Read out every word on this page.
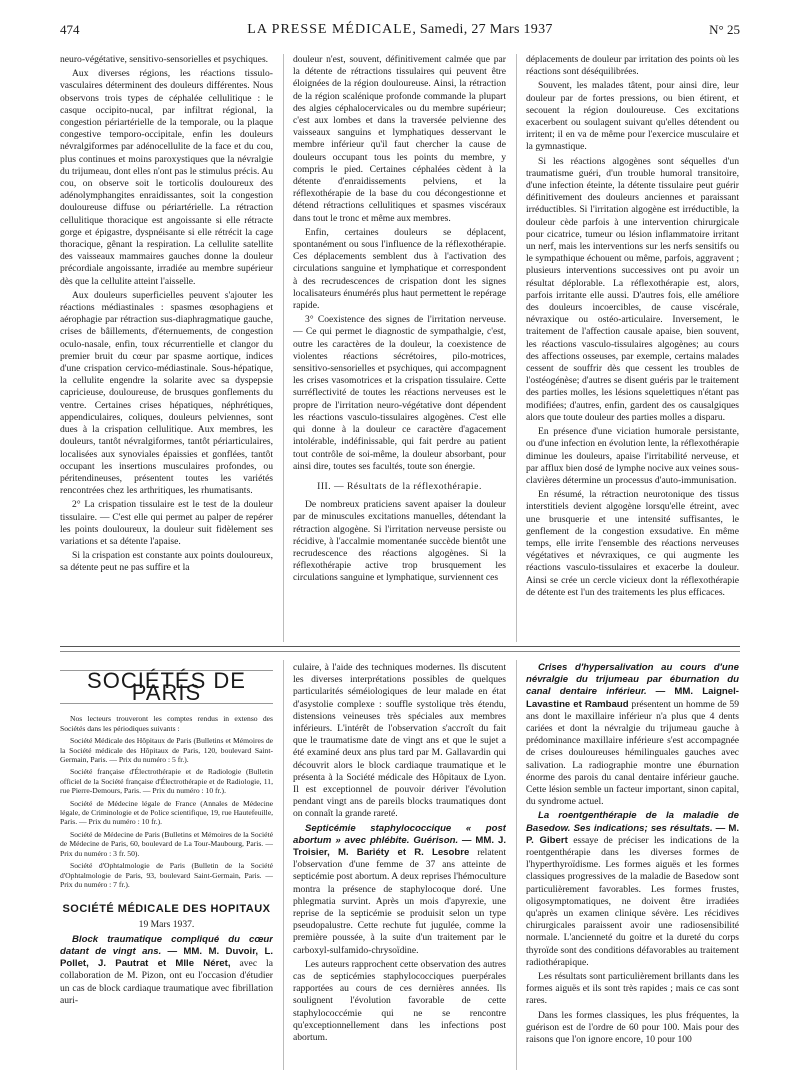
474	LA PRESSE MÉDICALE, Samedi, 27 Mars 1937	N° 25

neuro-végétative, sensitivo-sensorielles et psychiques.

Aux diverses régions, les réactions tissulo-vasculaires déterminent des douleurs différentes. Nous observons trois types de céphalée cellulitique : le casque occipito-nucal, par infiltrat régional, la congestion périartérielle de la temporale, ou la plaque congestive temporo-occipitale, enfin les douleurs névralgiformes par adénocellulite de la face et du cou, plus continues et moins paroxystiques que la névralgie du trijumeau, dont elles n'ont pas le stimulus précis. Au cou, on observe soit le torticolis douloureux des adénolymphangites enraidissantes, soit la congestion douloureuse diffuse ou périartérielle. La rétraction cellulitique thoracique est angoissante si elle rétracte gorge et épigastre, dyspnéisante si elle rétrécit la cage thoracique, gênant la respiration. La cellulite satellite des vaisseaux mammaires gauches donne la douleur précordiale angoissante, irradiée au membre supérieur dès que la cellulite atteint l'aisselle.

Aux douleurs superficielles peuvent s'ajouter les réactions médiastinales : spasmes œsophagiens et aérophagie par rétraction sus-diaphragmatique gauche, crises de bâillements, d'éternuements, de congestion oculo-nasale, enfin, toux récurrentielle et clangor du premier bruit du cœur par spasme aortique, indices d'une crispation cervico-médiastinale. Sous-hépatique, la cellulite engendre la solarite avec sa dyspepsie capricieuse, douloureuse, de brusques gonflements du ventre. Certaines crises hépatiques, néphrétiques, appendiculaires, coliques, douleurs pelviennes, sont dues à la crispation cellulitique. Aux membres, les douleurs, tantôt névralgiformes, tantôt périarticulaires, localisées aux synoviales épaissies et gonflées, tantôt occupant les insertions musculaires profondes, ou péritendineuses, présentent toutes les variétés rencontrées chez les arthritiques, les rhumatisants.

2° La crispation tissulaire est le test de la douleur tissulaire. — C'est elle qui permet au palper de repérer les points douloureux, la douleur suit fidèlement ses variations et sa détente l'apaise.

Si la crispation est constante aux points douloureux, sa détente peut ne pas suffire et la

douleur n'est, souvent, définitivement calmée que par la détente de rétractions tissulaires qui peuvent être éloignées de la région douloureuse. Ainsi, la rétraction de la région scalénique profonde commande la plupart des algies céphalocervicales ou du membre supérieur; c'est aux lombes et dans la traversée pelvienne des vaisseaux sanguins et lymphatiques desservant le membre inférieur qu'il faut chercher la cause de douleurs occupant tous les points du membre, y compris le pied. Certaines céphalées cèdent à la détente d'enraidissements pelviens, et la réflexothérapie de la base du cou décongestionne et détend rétractions cellulitiques et spasmes viscéraux dans tout le tronc et même aux membres.

Enfin, certaines douleurs se déplacent, spontanément ou sous l'influence de la réflexothérapie. Ces déplacements semblent dus à l'activation des circulations sanguine et lymphatique et correspondent à des recrudescences de crispation dont les signes localisateurs énumérés plus haut permettent le repérage rapide.

3° Coexistence des signes de l'irritation nerveuse. — Ce qui permet le diagnostic de sympathalgie, c'est, outre les caractères de la douleur, la coexistence de violentes réactions sécrétoires, pilo-motrices, sensitivo-sensorielles et psychiques, qui accompagnent les crises vasomotrices et la crispation tissulaire. Cette surréflectivité de toutes les réactions nerveuses est le propre de l'irritation neuro-végétative dont dépendent les réactions vasculo-tissulaires algogènes. C'est elle qui donne à la douleur ce caractère d'agacement intolérable, indéfinissable, qui fait perdre au patient tout contrôle de soi-même, la douleur absorbant, pour ainsi dire, toutes ses facultés, toute son énergie.

III. — Résultats de la réflexothérapie.

De nombreux praticiens savent apaiser la douleur par de minuscules excitations manuelles, détendant la rétraction algogène. Si l'irritation nerveuse persiste ou récidive, à l'accalmie momentanée succède bientôt une recrudescence des réactions algogènes. Si la réflexothérapie active trop brusquement les circulations sanguine et lymphatique, surviennent ces

déplacements de douleur par irritation des points où les réactions sont déséquilibrées.

Souvent, les malades tâtent, pour ainsi dire, leur douleur par de fortes pressions, ou bien étirent, et secouent la région douloureuse. Ces excitations exacerbent ou soulagent suivant qu'elles détendent ou irritent; il en va de même pour l'exercice musculaire et la gymnastique.

Si les réactions algogènes sont séquelles d'un traumatisme guéri, d'un trouble humoral transitoire, d'une infection éteinte, la détente tissulaire peut guérir définitivement des douleurs anciennes et paraissant irréductibles. Si l'irritation algogène est irréductible, la douleur cède parfois à une intervention chirurgicale pour cicatrice, tumeur ou lésion inflammatoire irritant un nerf, mais les interventions sur les nerfs sensitifs ou le sympathique échouent ou même, parfois, aggravent ; plusieurs interventions successives ont pu avoir un résultat déplorable. La réflexothérapie est, alors, parfois irritante elle aussi. D'autres fois, elle améliore des douleurs incoercibles, de cause viscérale, névraxique ou ostéo-articulaire. Inversement, le traitement de l'affection causale apaise, bien souvent, les réactions vasculo-tissulaires algogènes; au cours des affections osseuses, par exemple, certains malades cessent de souffrir dès que cessent les troubles de l'ostéogénèse; d'autres se disent guéris par le traitement des parties molles, les lésions squelettiques n'étant pas modifiées; d'autres, enfin, gardent des os causalgiques alors que toute douleur des parties molles a disparu.

En présence d'une viciation humorale persistante, ou d'une infection en évolution lente, la réflexothérapie diminue les douleurs, apaise l'irritabilité nerveuse, et par afflux bien dosé de lymphe nocive aux veines sous-clavières détermine un processus d'auto-immunisation.

En résumé, la rétraction neurotonique des tissus interstitiels devient algogène lorsqu'elle étreint, avec une brusquerie et une intensité suffisantes, le genflement de la congestion exsudative. En même temps, elle irrite l'ensemble des réactions nerveuses végétatives et névraxiques, ce qui augmente les réactions vasculo-tissulaires et exacerbe la douleur. Ainsi se crée un cercle vicieux dont la réflexothérapie de détente est l'un des traitements les plus efficaces.

SOCIÉTÉS DE PARIS

Nos lecteurs trouveront les comptes rendus in extenso des Sociétés dans les périodiques suivants :

Société Médicale des Hôpitaux de Paris (Bulletins et Mémoires de la Société médicale des Hôpitaux de Paris, 120, boulevard Saint-Germain, Paris. — Prix du numéro : 5 fr.).

Société française d'Électrothérapie et de Radiologie (Bulletin officiel de la Société française d'Électrothérapie et de Radiologie, 11, rue Pierre-Demours, Paris. — Prix du numéro : 10 fr.).

Société de Médecine légale de France (Annales de Médecine légale, de Criminologie et de Police scientifique, 19, rue Hautefeuille, Paris. — Prix du numéro : 10 fr.).

Société de Médecine de Paris (Bulletins et Mémoires de la Société de Médecine de Paris, 60, boulevard de La Tour-Maubourg, Paris. — Prix du numéro : 3 fr. 50).

Société d'Ophtalmologie de Paris (Bulletin de la Société d'Ophtalmologie de Paris, 93, boulevard Saint-Germain, Paris. — Prix du numéro : 7 fr.).

SOCIÉTÉ MÉDICALE DES HOPITAUX
19 Mars 1937.

Block traumatique compliqué du cœur datant de vingt ans. — MM. M. Duvoir, L. Pollet, J. Pautrat et Mlle Néret, avec la collaboration de M. Pizon, ont eu l'occasion d'étudier un cas de block cardiaque traumatique avec fibrillation auri-

culaire, à l'aide des techniques modernes. Ils discutent les diverses interprétations possibles de quelques particularités séméiologiques de leur malade en état d'asystolie complexe : souffle systolique très étendu, distensions veineuses très spéciales aux membres inférieurs. L'intérêt de l'observation s'accroît du fait que le traumatisme date de vingt ans et que le sujet a été examiné deux ans plus tard par M. Gallavardin qui découvrit alors le block cardiaque traumatique et le présenta à la Société médicale des Hôpitaux de Lyon. Il est exceptionnel de pouvoir dériver l'évolution pendant vingt ans de pareils blocks traumatiques dont on connaît la grande rareté.

Septicémie staphylococcique « post abortum » avec phlébite. Guérison. — MM. J. Troisier, M. Bariéty et R. Lesobre relatent l'observation d'une femme de 37 ans atteinte de septicémie post abortum. A deux reprises l'hémoculture montra la présence de staphylocoque doré. Une phlegmatia survint. Après un mois d'apyrexie, une reprise de la septicémie se produisit selon un type pseudopalustre. Cette rechute fut jugulée, comme la première poussée, à la suite d'un traitement par le carboxyl-sulfamido-chrysoïdine.

Les auteurs rapprochent cette observation des autres cas de septicémies staphylococciques puerpérales rapportées au cours de ces dernières années. Ils soulignent l'évolution favorable de cette staphylococcémie qui ne se rencontre qu'exceptionnellement dans les infections post abortum.

Crises d'hypersalivation au cours d'une névralgie du trijumeau par éburnation du canal dentaire inférieur. — MM. Laignel-Lavastine et Rambaud présentent un homme de 59 ans dont le maxillaire inférieur n'a plus que 4 dents cariées et dont la névralgie du trijumeau gauche à prédominance maxillaire inférieure s'est accompagnée de crises douloureuses hémilinguales gauches avec salivation. La radiographie montre une éburnation énorme des parois du canal dentaire inférieur gauche. Cette lésion semble un facteur important, sinon capital, du syndrome actuel.

La roentgenthérapie de la maladie de Basedow. Ses indications; ses résultats. — M. P. Gibert essaye de préciser les indications de la roentgenthérapie dans les diverses formes de l'hyperthyroïdisme. Les formes aiguës et les formes classiques progressives de la maladie de Basedow sont particulièrement favorables. Les formes frustes, oligosymptomatiques, ne doivent être irradiées qu'après un examen clinique sévère. Les récidives chirurgicales paraissent avoir une radiosensibilité normale. L'ancienneté du goitre et la dureté du corps thyroïde sont des conditions défavorables au traitement radiothérapique.

Les résultats sont particulièrement brillants dans les formes aiguës et ils sont très rapides ; mais ce cas sont rares.

Dans les formes classiques, les plus fréquentes, la guérison est de l'ordre de 60 pour 100. Mais pour des raisons que l'on ignore encore, 10 pour 100
